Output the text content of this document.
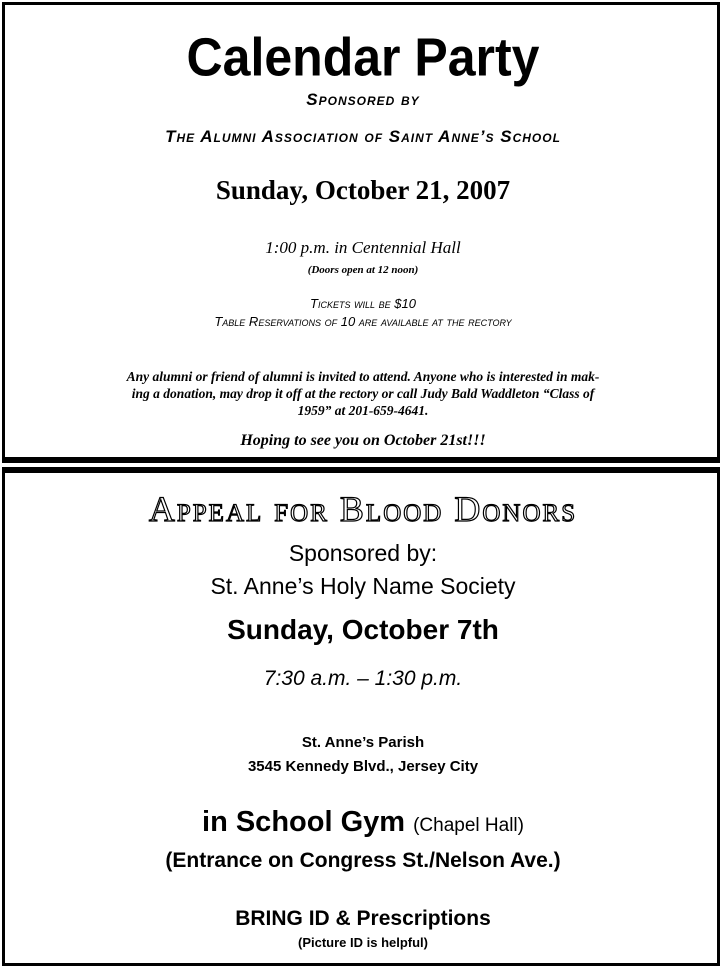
Calendar Party

Sponsored by

The Alumni Association of Saint Anne’s School

Sunday, October 21, 2007

1:00 p.m. in Centennial Hall

(Doors open at 12 noon)

Tickets will be $10

Table Reservations of 10 are available at the rectory

Any alumni or friend of alumni is invited to attend. Anyone who is interested in mak-
ing a donation, may drop it off at the rectory or call Judy Bald Waddleton “Class of
1959” at 201-659-4641.

Hoping to see you on October 21st!!!

Appeal for Blood Donors

Sponsored by:

St. Anne’s Holy Name Society

Sunday, October 7th

7:30 a.m. – 1:30 p.m.

St. Anne’s Parish

3545 Kennedy Blvd., Jersey City

in School Gym (Chapel Hall)

(Entrance on Congress St./Nelson Ave.)

BRING ID & Prescriptions

(Picture ID is helpful)
